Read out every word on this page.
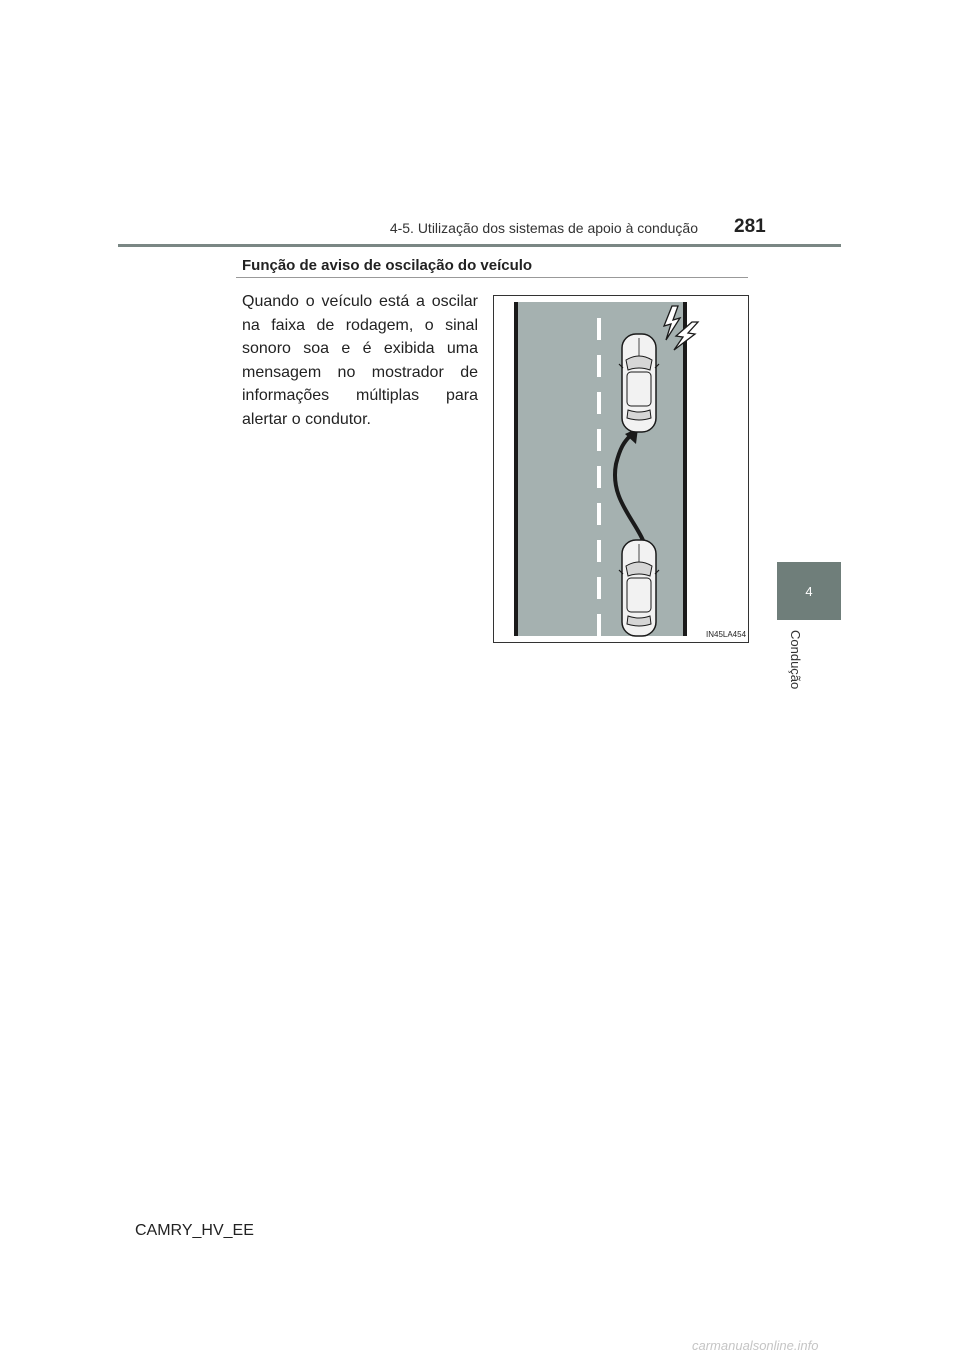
4-5. Utilização dos sistemas de apoio à condução 281
4
Condução
Função de aviso de oscilação do veículo

Quando o veículo está a oscilar na faixa de rodagem, o sinal sonoro soa e é exibida uma mensagem no mostrador de informações múltiplas para alertar o condutor.

IN45LA454
CAMRY_HV_EE
carmanualsonline.info
